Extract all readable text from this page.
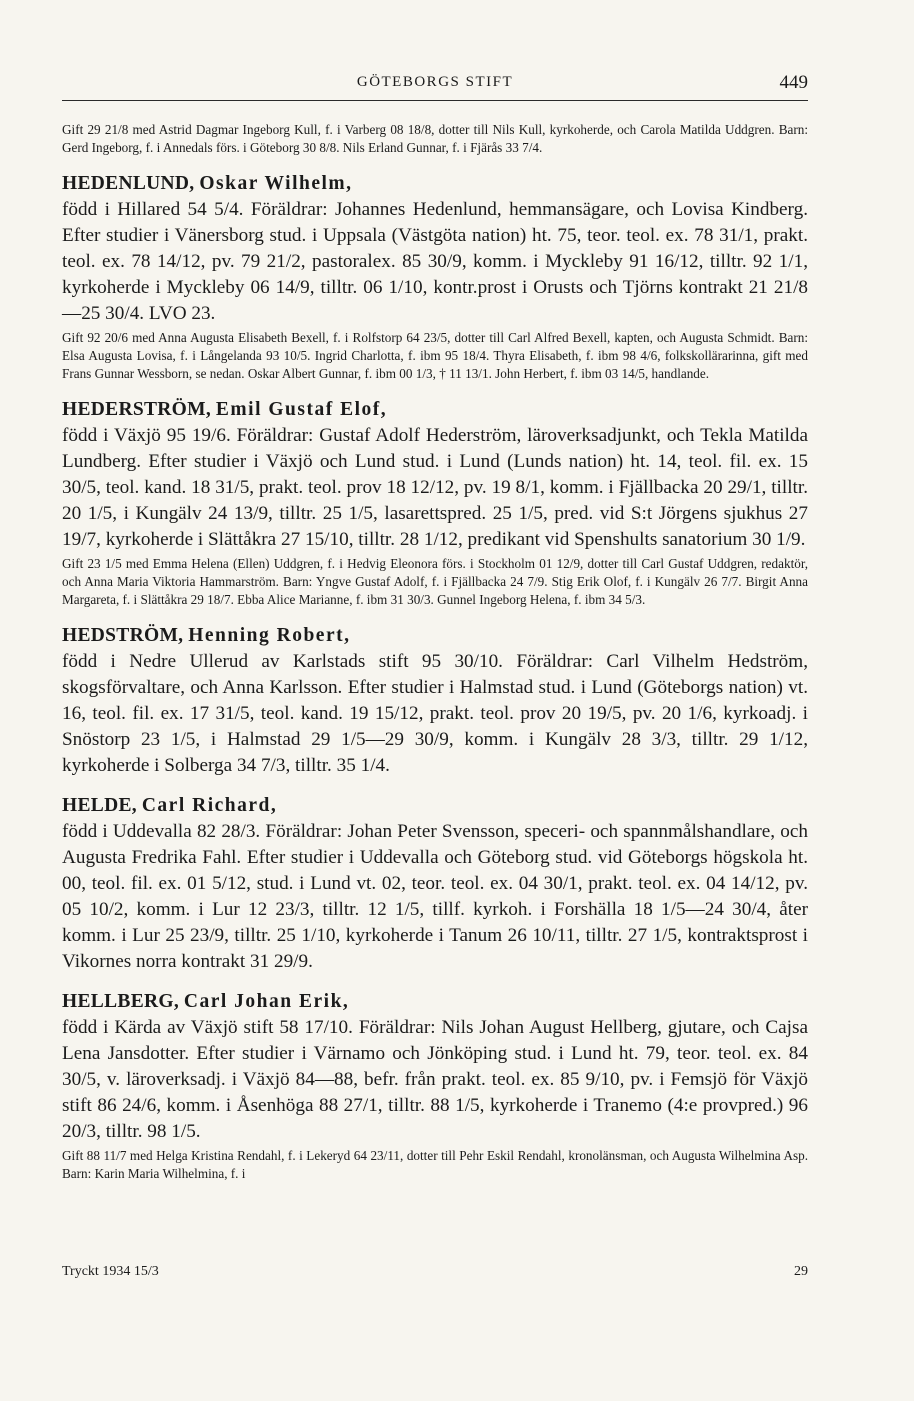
GÖTEBORGS STIFT	449

Gift 29 21/8 med Astrid Dagmar Ingeborg Kull, f. i Varberg 08 18/8, dotter till Nils Kull, kyrkoherde, och Carola Matilda Uddgren. Barn: Gerd Ingeborg, f. i Annedals förs. i Göteborg 30 8/8. Nils Erland Gunnar, f. i Fjärås 33 7/4.

HEDENLUND, Oskar Wilhelm,

född i Hillared 54 5/4. Föräldrar: Johannes Hedenlund, hemmansägare, och Lovisa Kindberg. Efter studier i Vänersborg stud. i Uppsala (Västgöta nation) ht. 75, teor. teol. ex. 78 31/1, prakt. teol. ex. 78 14/12, pv. 79 21/2, pastoralex. 85 30/9, komm. i Myckleby 91 16/12, tilltr. 92 1/1, kyrkoherde i Myckleby 06 14/9, tilltr. 06 1/10, kontr.prost i Orusts och Tjörns kontrakt 21 21/8—25 30/4. LVO 23.

Gift 92 20/6 med Anna Augusta Elisabeth Bexell, f. i Rolfstorp 64 23/5, dotter till Carl Alfred Bexell, kapten, och Augusta Schmidt. Barn: Elsa Augusta Lovisa, f. i Långelanda 93 10/5. Ingrid Charlotta, f. ibm 95 18/4. Thyra Elisabeth, f. ibm 98 4/6, folkskollärarinna, gift med Frans Gunnar Wessborn, se nedan. Oskar Albert Gunnar, f. ibm 00 1/3, † 11 13/1. John Herbert, f. ibm 03 14/5, handlande.

HEDERSTRÖM, Emil Gustaf Elof,

född i Växjö 95 19/6. Föräldrar: Gustaf Adolf Hederström, läroverksadjunkt, och Tekla Matilda Lundberg. Efter studier i Växjö och Lund stud. i Lund (Lunds nation) ht. 14, teol. fil. ex. 15 30/5, teol. kand. 18 31/5, prakt. teol. prov 18 12/12, pv. 19 8/1, komm. i Fjällbacka 20 29/1, tilltr. 20 1/5, i Kungälv 24 13/9, tilltr. 25 1/5, lasarettspred. 25 1/5, pred. vid S:t Jörgens sjukhus 27 19/7, kyrkoherde i Slättåkra 27 15/10, tilltr. 28 1/12, predikant vid Spenshults sanatorium 30 1/9.

Gift 23 1/5 med Emma Helena (Ellen) Uddgren, f. i Hedvig Eleonora förs. i Stockholm 01 12/9, dotter till Carl Gustaf Uddgren, redaktör, och Anna Maria Viktoria Hammarström. Barn: Yngve Gustaf Adolf, f. i Fjällbacka 24 7/9. Stig Erik Olof, f. i Kungälv 26 7/7. Birgit Anna Margareta, f. i Slättåkra 29 18/7. Ebba Alice Marianne, f. ibm 31 30/3. Gunnel Ingeborg Helena, f. ibm 34 5/3.

HEDSTRÖM, Henning Robert,

född i Nedre Ullerud av Karlstads stift 95 30/10. Föräldrar: Carl Vilhelm Hedström, skogsförvaltare, och Anna Karlsson. Efter studier i Halmstad stud. i Lund (Göteborgs nation) vt. 16, teol. fil. ex. 17 31/5, teol. kand. 19 15/12, prakt. teol. prov 20 19/5, pv. 20 1/6, kyrkoadj. i Snöstorp 23 1/5, i Halmstad 29 1/5—29 30/9, komm. i Kungälv 28 3/3, tilltr. 29 1/12, kyrkoherde i Solberga 34 7/3, tilltr. 35 1/4.

HELDE, Carl Richard,

född i Uddevalla 82 28/3. Föräldrar: Johan Peter Svensson, speceri- och spannmålshandlare, och Augusta Fredrika Fahl. Efter studier i Uddevalla och Göteborg stud. vid Göteborgs högskola ht. 00, teol. fil. ex. 01 5/12, stud. i Lund vt. 02, teor. teol. ex. 04 30/1, prakt. teol. ex. 04 14/12, pv. 05 10/2, komm. i Lur 12 23/3, tilltr. 12 1/5, tillf. kyrkoh. i Forshälla 18 1/5—24 30/4, åter komm. i Lur 25 23/9, tilltr. 25 1/10, kyrkoherde i Tanum 26 10/11, tilltr. 27 1/5, kontraktsprost i Vikornes norra kontrakt 31 29/9.

HELLBERG, Carl Johan Erik,

född i Kärda av Växjö stift 58 17/10. Föräldrar: Nils Johan August Hellberg, gjutare, och Cajsa Lena Jansdotter. Efter studier i Värnamo och Jönköping stud. i Lund ht. 79, teor. teol. ex. 84 30/5, v. läroverksadj. i Växjö 84—88, befr. från prakt. teol. ex. 85 9/10, pv. i Femsjö för Växjö stift 86 24/6, komm. i Åsenhöga 88 27/1, tilltr. 88 1/5, kyrkoherde i Tranemo (4:e provpred.) 96 20/3, tilltr. 98 1/5.

Gift 88 11/7 med Helga Kristina Rendahl, f. i Lekeryd 64 23/11, dotter till Pehr Eskil Rendahl, kronolänsman, och Augusta Wilhelmina Asp. Barn: Karin Maria Wilhelmina, f. i

Tryckt 1934 15/3	29
